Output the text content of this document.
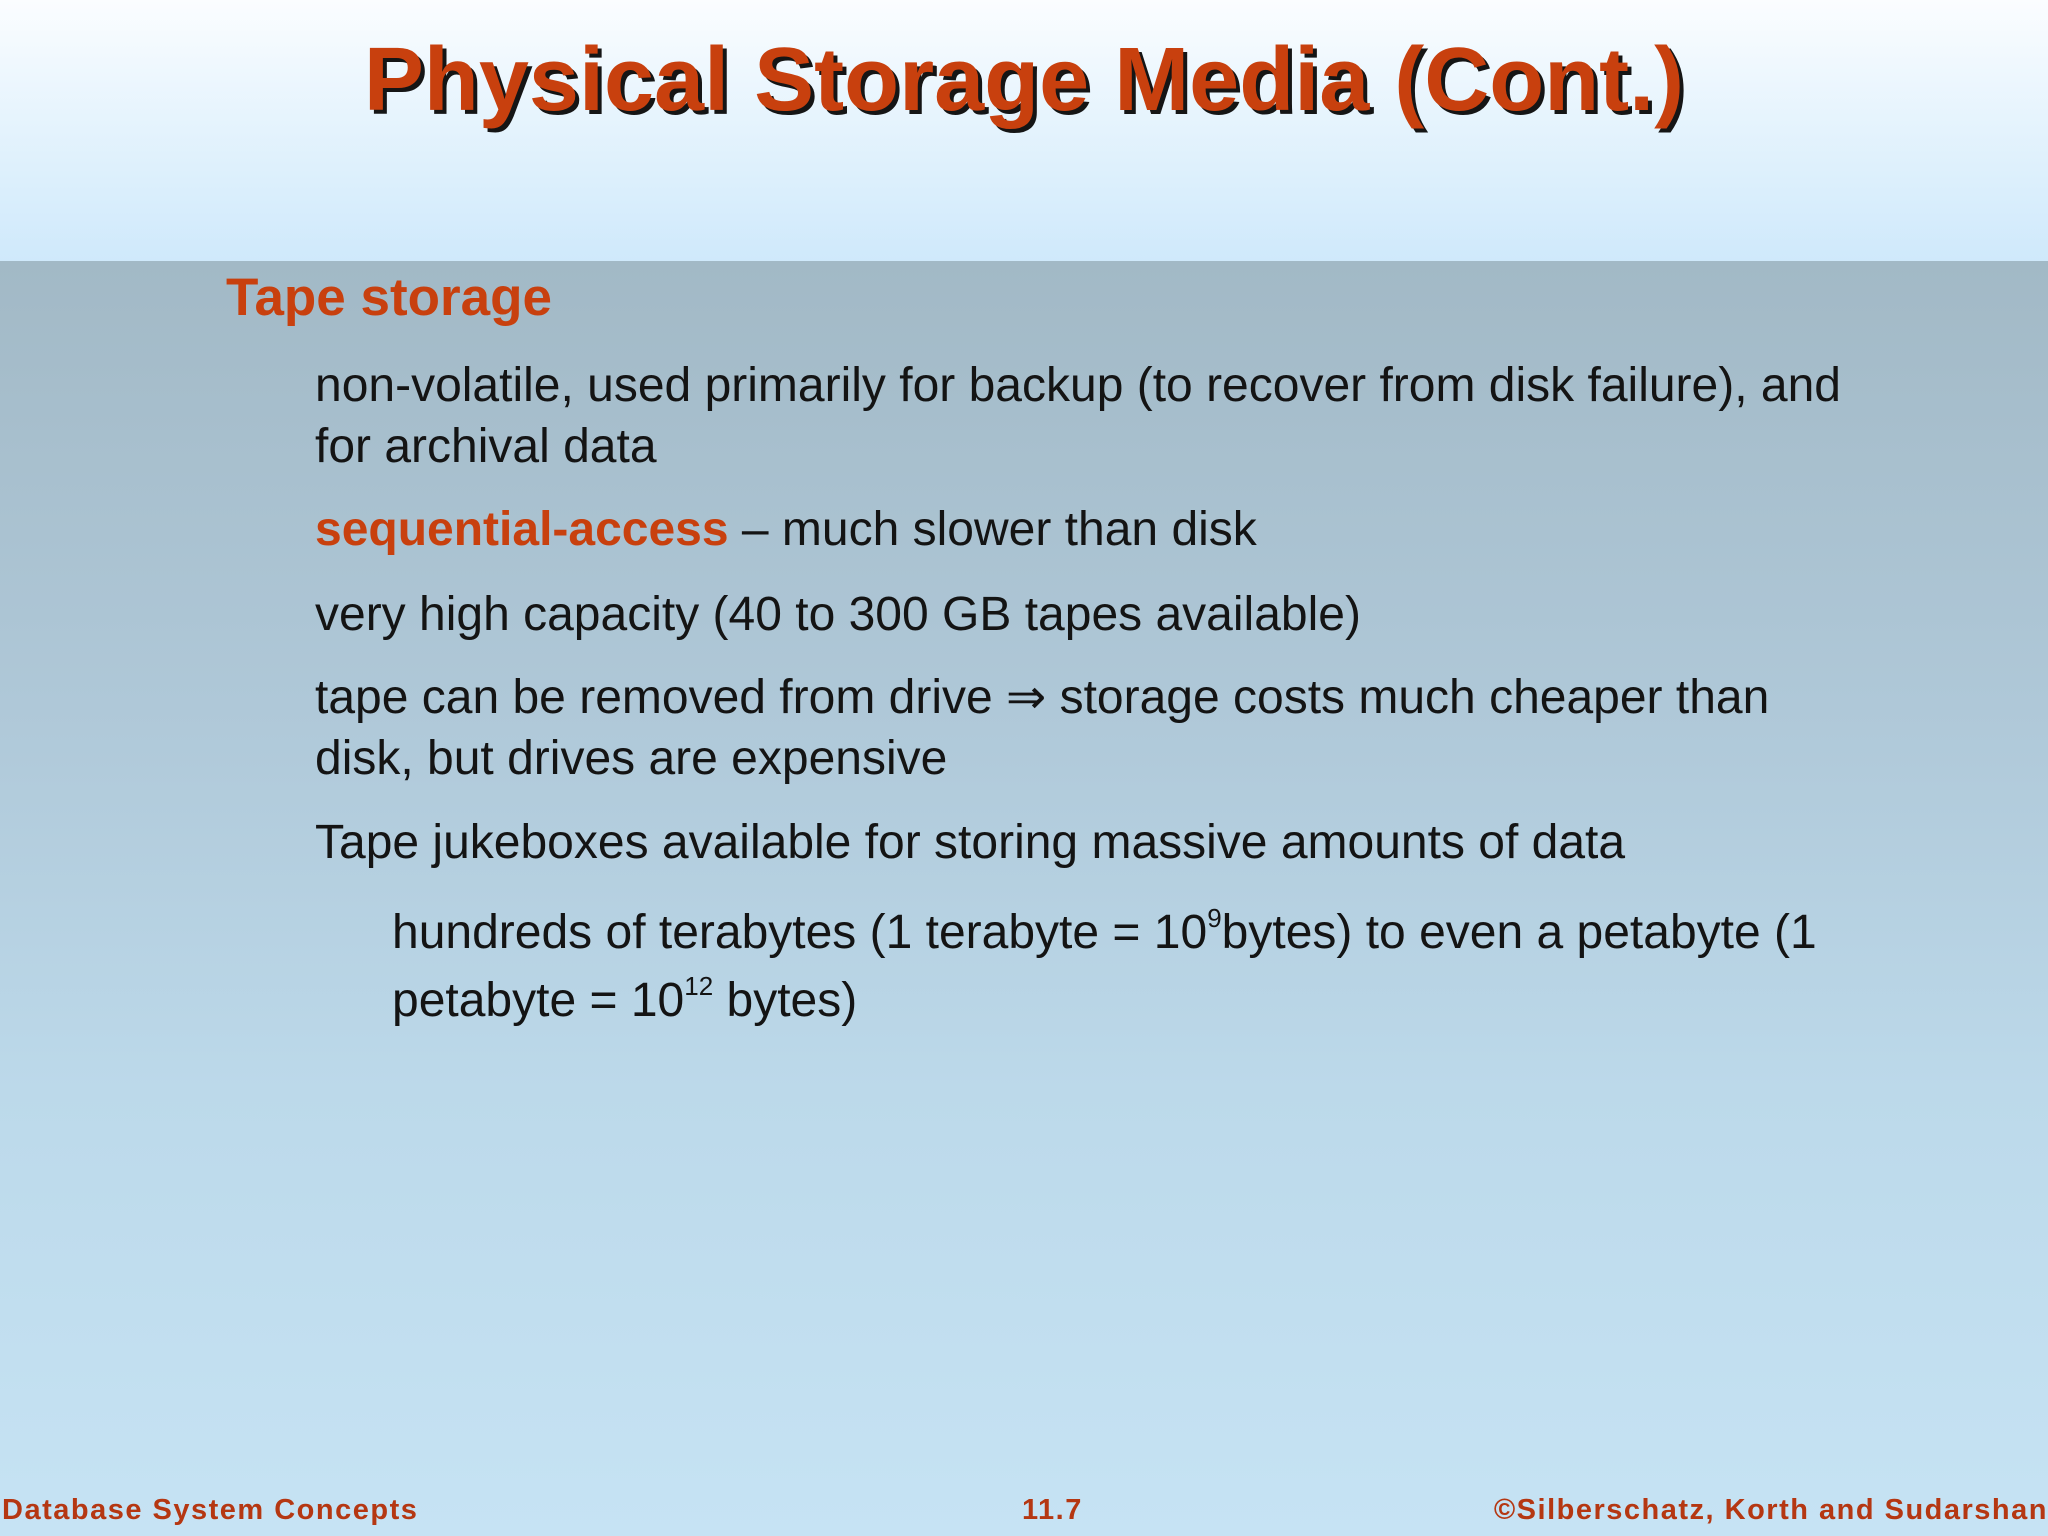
Physical Storage Media (Cont.)
Tape storage
non-volatile, used primarily for backup (to recover from disk failure), and for archival data
sequential-access – much slower than disk
very high capacity (40 to 300 GB tapes available)
tape can be removed from drive ⇒ storage costs much cheaper than disk, but drives are expensive
Tape jukeboxes available for storing massive amounts of data
hundreds of terabytes (1 terabyte = $10^9bytes$) to even a petabyte (1 petabyte = $10^{12}$ bytes)
Database System Concepts	11.7	©Silberschatz, Korth and Sudarshan
